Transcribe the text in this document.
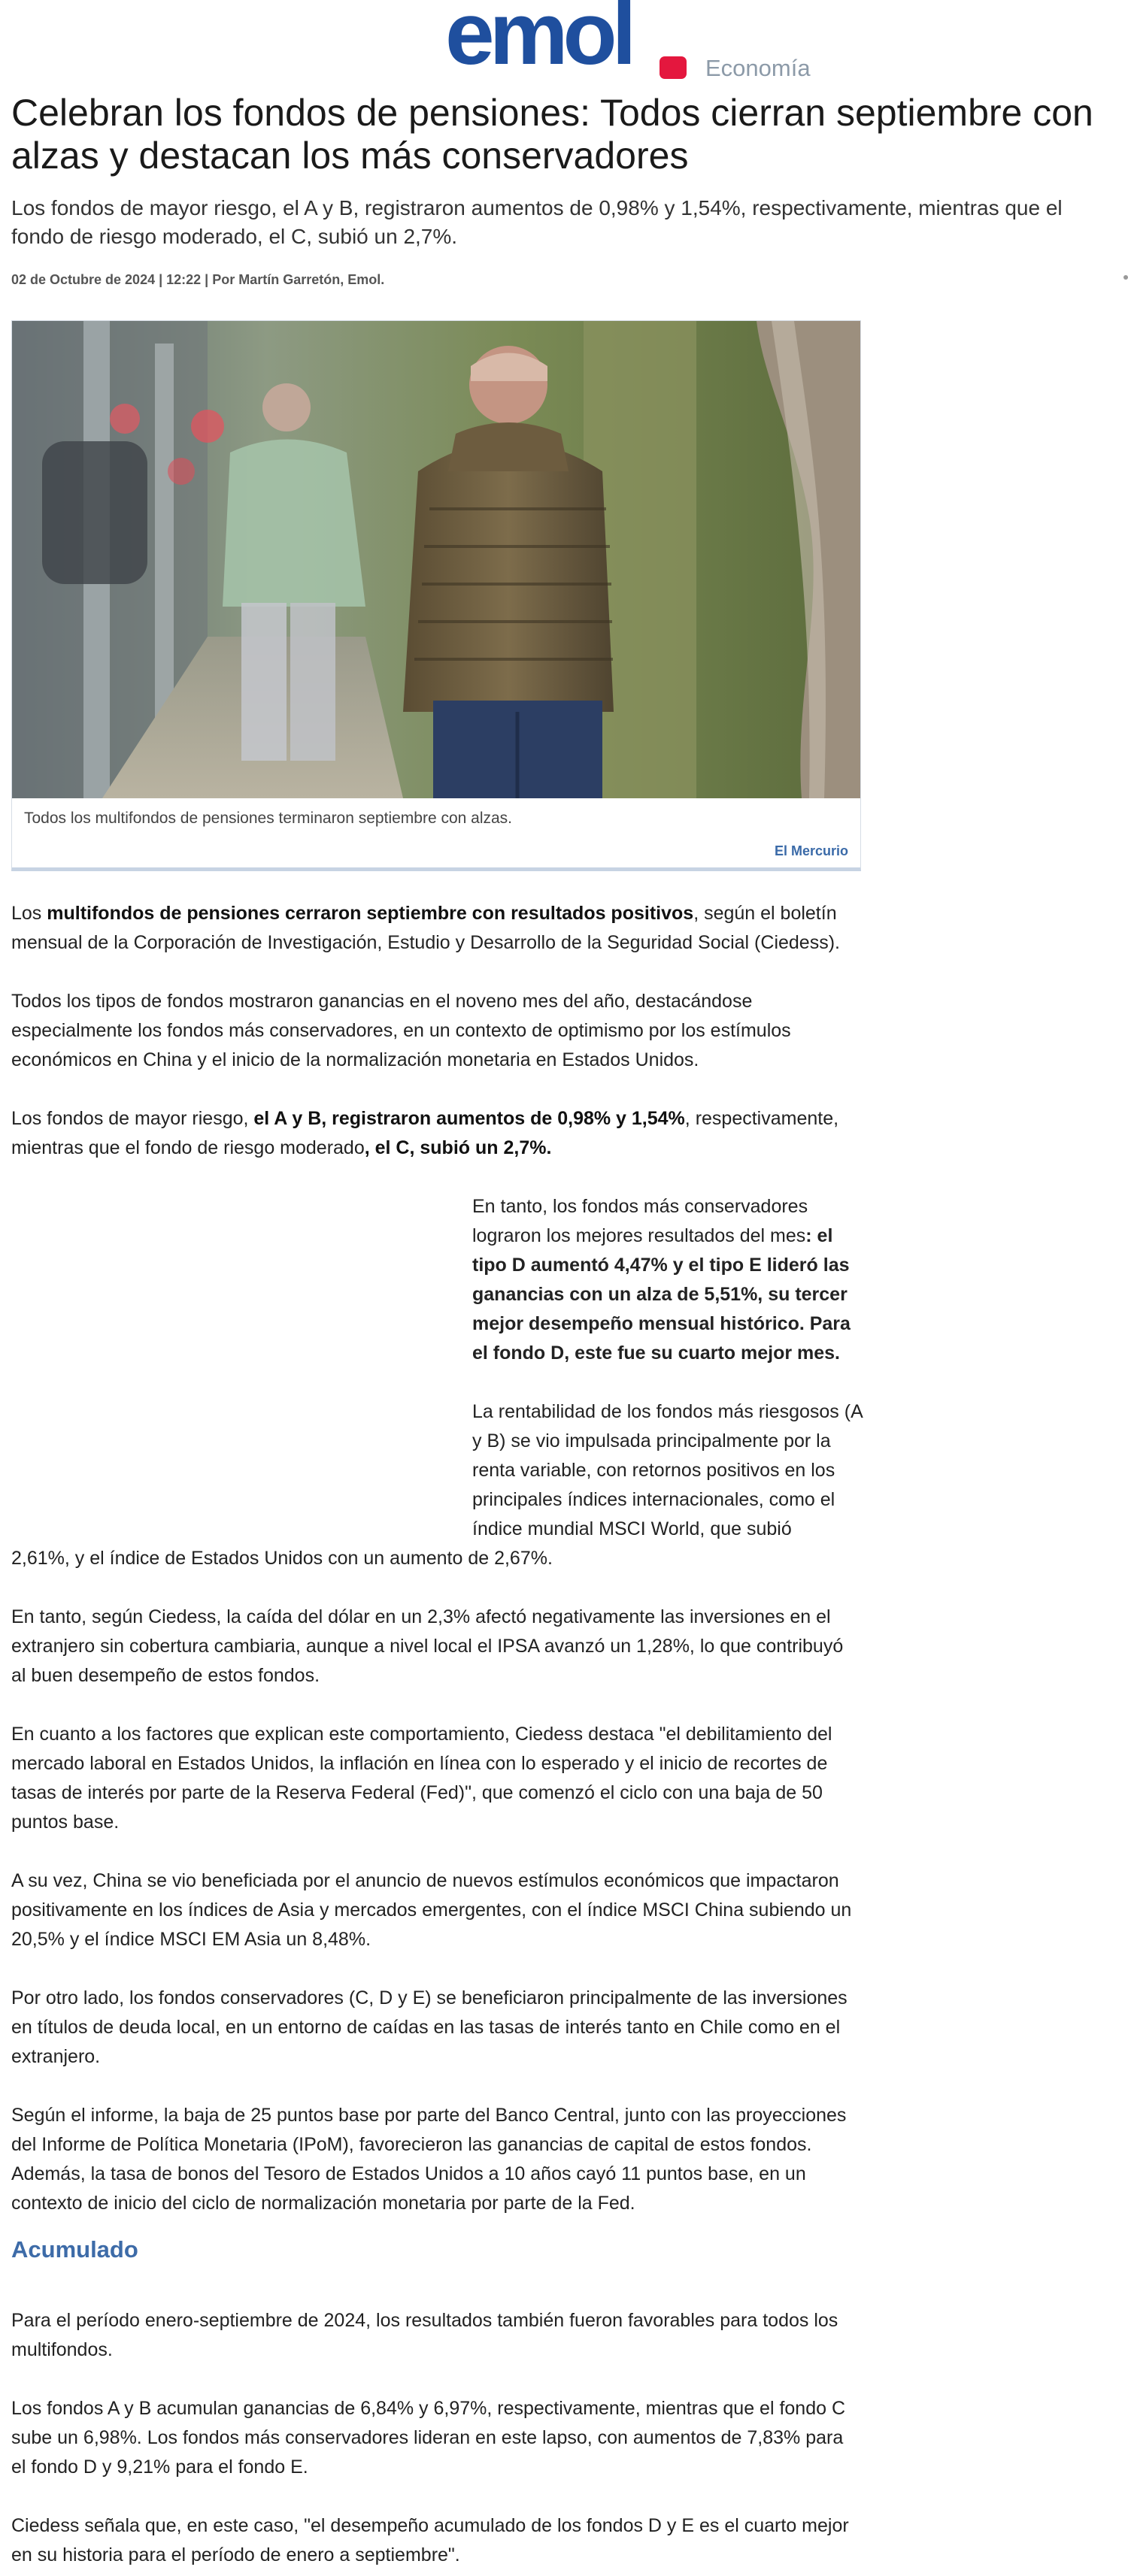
emol	Economía
Celebran los fondos de pensiones: Todos cierran septiembre con alzas y destacan los más conservadores

Los fondos de mayor riesgo, el A y B, registraron aumentos de 0,98% y 1,54%, respectivamente, mientras que el fondo de riesgo moderado, el C, subió un 2,7%.

02 de Octubre de 2024 | 12:22 | Por Martín Garretón, Emol.

Todos los multifondos de pensiones terminaron septiembre con alzas.
El Mercurio

Los multifondos de pensiones cerraron septiembre con resultados positivos, según el boletín mensual de la Corporación de Investigación, Estudio y Desarrollo de la Seguridad Social (Ciedess).

Todos los tipos de fondos mostraron ganancias en el noveno mes del año, destacándose especialmente los fondos más conservadores, en un contexto de optimismo por los estímulos económicos en China y el inicio de la normalización monetaria en Estados Unidos.

Los fondos de mayor riesgo, el A y B, registraron aumentos de 0,98% y 1,54%, respectivamente, mientras que el fondo de riesgo moderado, el C, subió un 2,7%.

En tanto, los fondos más conservadores lograron los mejores resultados del mes: el tipo D aumentó 4,47% y el tipo E lideró las ganancias con un alza de 5,51%, su tercer mejor desempeño mensual histórico. Para el fondo D, este fue su cuarto mejor mes.
La rentabilidad de los fondos más riesgosos (A y B) se vio impulsada principalmente por la renta variable, con retornos positivos en los principales índices internacionales, como el índice mundial MSCI World, que subió

2,61%, y el índice de Estados Unidos con un aumento de 2,67%.

En tanto, según Ciedess, la caída del dólar en un 2,3% afectó negativamente las inversiones en el extranjero sin cobertura cambiaria, aunque a nivel local el IPSA avanzó un 1,28%, lo que contribuyó al buen desempeño de estos fondos.

En cuanto a los factores que explican este comportamiento, Ciedess destaca "el debilitamiento del mercado laboral en Estados Unidos, la inflación en línea con lo esperado y el inicio de recortes de tasas de interés por parte de la Reserva Federal (Fed)", que comenzó el ciclo con una baja de 50 puntos base.

A su vez, China se vio beneficiada por el anuncio de nuevos estímulos económicos que impactaron positivamente en los índices de Asia y mercados emergentes, con el índice MSCI China subiendo un 20,5% y el índice MSCI EM Asia un 8,48%.

Por otro lado, los fondos conservadores (C, D y E) se beneficiaron principalmente de las inversiones en títulos de deuda local, en un entorno de caídas en las tasas de interés tanto en Chile como en el extranjero.

Según el informe, la baja de 25 puntos base por parte del Banco Central, junto con las proyecciones del Informe de Política Monetaria (IPoM), favorecieron las ganancias de capital de estos fondos. Además, la tasa de bonos del Tesoro de Estados Unidos a 10 años cayó 11 puntos base, en un contexto de inicio del ciclo de normalización monetaria por parte de la Fed.

Acumulado

Para el período enero-septiembre de 2024, los resultados también fueron favorables para todos los multifondos.

Los fondos A y B acumulan ganancias de 6,84% y 6,97%, respectivamente, mientras que el fondo C sube un 6,98%. Los fondos más conservadores lideran en este lapso, con aumentos de 7,83% para el fondo D y 9,21% para el fondo E.

Ciedess señala que, en este caso, "el desempeño acumulado de los fondos D y E es el cuarto mejor en su historia para el período de enero a septiembre".
